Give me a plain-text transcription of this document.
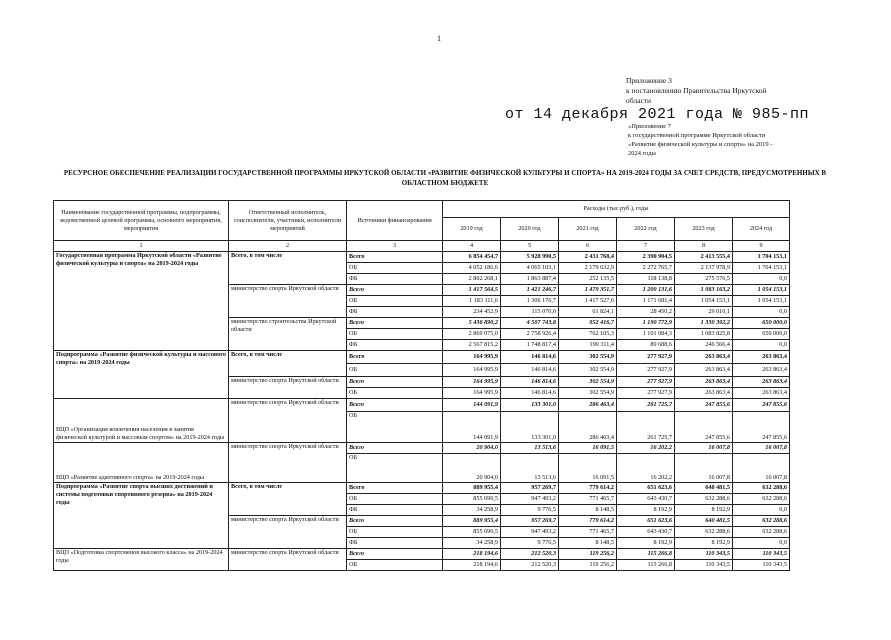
1
Приложение 3
к постановлению Правительства Иркутской
области
от 14 декабря 2021 года № 985-пп
«Приложение 7
к государственной программе Иркутской области
«Развитие физической культуры и спорта» на 2019 -
2024 годы
РЕСУРСНОЕ ОБЕСПЕЧЕНИЕ РЕАЛИЗАЦИИ ГОСУДАРСТВЕННОЙ ПРОГРАММЫ ИРКУТСКОЙ ОБЛАСТИ «РАЗВИТИЕ ФИЗИЧЕСКОЙ КУЛЬТУРЫ И СПОРТА» НА 2019-2024 ГОДЫ ЗА СЧЕТ СРЕДСТВ, ПРЕДУСМОТРЕННЫХ В ОБЛАСТНОМ БЮДЖЕТЕ
Наименование государственной программы, подпрограммы, ведомственной целевой программы, основного мероприятия, мероприятия	Ответственный исполнитель, соисполнители, участники, исполнители мероприятий	Источники финансирования	Расходы (тыс.руб.), годы					
			2019 год	2020 год	2021 год	2022 год	2023 год	2024 год
1	2	3	4	5	6	7	8	9
Государственная программа Иркутской области «Развитие физической культуры и спорта» на 2019-2024 годы	Всего, в том числе	Всего	6 854 454,7	5 928 990,5	2 431 768,4	2 390 904,5	2 413 555,4	1 704 153,1
		ОБ	4 052 186,6	4 065 103,1	2 179 632,9	2 272 765,7	2 137 978,9	1 704 153,1
		ФБ	2 802 268,1	1 863 887,4	252 135,5	118 138,8	275 576,5	0,0
	министерство спорта Иркутской области	Всего	1 417 564,5	1 421 246,7	1 479 351,7	1 200 131,6	1 083 163,2	1 054 153,1
		ОБ	1 183 111,6	1 306 176,7	1 417 527,6	1 171 681,4	1 054 153,1	1 054 153,1
		ФБ	234 452,9	115 070,0	61 824,1	28 450,2	29 010,1	0,0
	министерство строительства Иркутской области	Всего	5 436 890,2	4 507 743,8	952 416,7	1 190 772,9	1 330 392,2	650 000,0
		ОБ	2 869 075,0	2 758 926,4	762 105,3	1 101 084,3	1 083 825,8	650 000,0
		ФБ	2 567 815,2	1 748 817,4	190 311,4	89 688,6	246 566,4	0,0
Подпрограмма «Развитие физической культуры и массового спорта» на 2019-2024 годы	Всего, в том числе	Всего	164 995,9	146 814,6	302 554,9	277 927,9	263 863,4	263 863,4
		ОБ	164 995,9	146 814,6	302 554,9	277 927,9	263 863,4	263 863,4
	министерство спорта Иркутской области	Всего	164 995,9	146 814,6	302 554,9	277 927,9	263 863,4	263 863,4
		ОБ	164 995,9	146 814,6	302 554,9	277 927,9	263 863,4	263 863,4
ВЦП «Организация вовлечения населения в занятия физической культурой и массовым спортом» на 2019-2024 годы	министерство спорта Иркутской области	Всего	144 091,9	133 301,0	286 463,4	261 725,7	247 855,6	247 855,6
		ОБ	144 091,9	133 301,0	286 463,4	261 725,7	247 855,6	247 855,6
ВЦП «Развитие адаптивного спорта» на 2019-2024 годы	министерство спорта Иркутской области	Всего	20 904,0	13 513,6	16 091,5	16 202,2	16 007,8	16 007,8
		ОБ	20 904,0	13 513,6	16 091,5	16 202,2	16 007,8	16 007,8
Подпрограмма «Развитие спорта высших достижений и системы подготовки спортивного резерва» на 2019-2024 годы	Всего, в том числе	Всего	889 955,4	957 269,7	779 614,2	651 623,6	640 481,5	632 288,6
		ОБ	855 696,5	947 493,2	771 465,7	643 430,7	632 288,6	632 288,6
		ФБ	34 258,9	9 776,5	8 148,5	8 192,9	8 192,9	0,0
	министерство спорта Иркутской области	Всего	889 955,4	957 269,7	779 614,2	651 623,6	640 481,5	632 288,6
		ОБ	855 696,5	947 493,2	771 465,7	643 430,7	632 288,6	632 288,6
		ФБ	34 258,9	9 776,5	8 148,5	8 192,9	8 192,9	0,0
ВЦП «Подготовка спортсменов высокого класса» на 2019-2024 годы	министерство спорта Иркутской области	Всего	218 194,6	212 520,3	119 256,2	115 266,8	110 343,5	110 343,5
		ОБ	218 194,6	212 520,3	119 256,2	115 266,8	110 343,5	110 343,5
